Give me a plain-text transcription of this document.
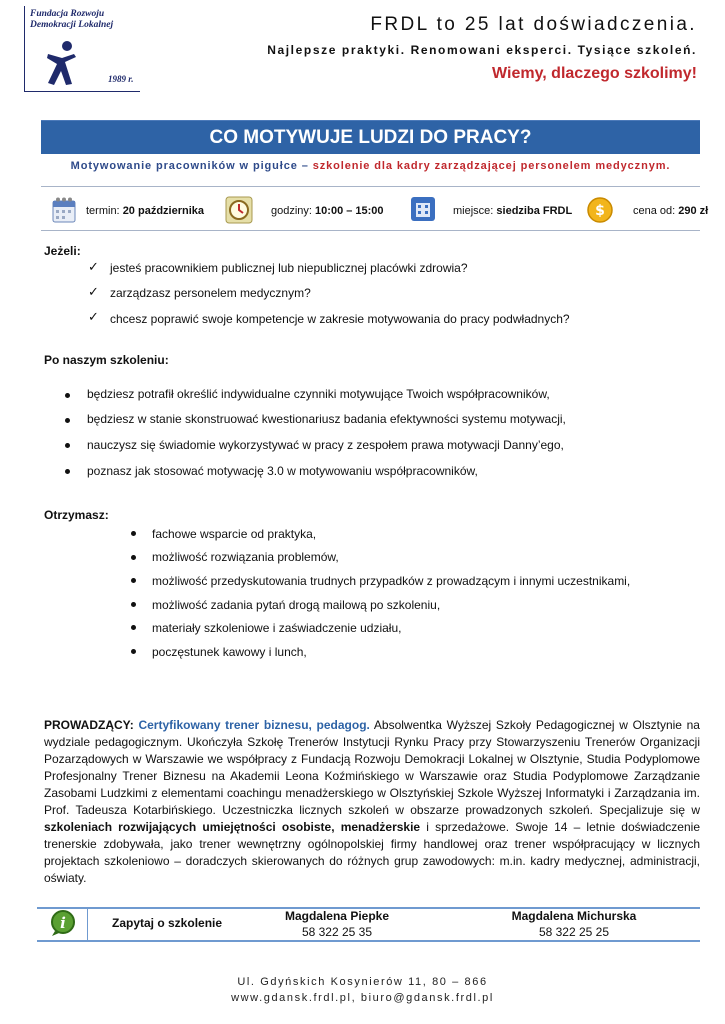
Fundacja Rozwoju
Demokracji Lokalnej
1989 r.
FRDL to 25 lat doświadczenia.
Najlepsze praktyki. Renomowani eksperci. Tysiące szkoleń.
Wiemy, dlaczego szkolimy!
CO MOTYWUJE LUDZI DO PRACY?
Motywowanie pracowników w pigułce – szkolenie dla kadry zarządzającej personelem medycznym.
termin:
20 października	godziny:
10:00 – 15:00	miejsce:
siedziba FRDL $	cena od:
290 zł
Jeżeli:
✓ jesteś pracownikiem publicznej lub niepublicznej placówki zdrowia?
✓ zarządzasz personelem medycznym?
✓ chcesz poprawić swoje kompetencje w zakresie motywowania do pracy podwładnych?
Po naszym szkoleniu:
będziesz potrafił określić indywidualne czynniki motywujące Twoich współpracowników,
będziesz w stanie skonstruować kwestionariusz badania efektywności systemu motywacji,
nauczysz się świadomie wykorzystywać w pracy z zespołem prawa motywacji Danny’ego,
poznasz jak stosować motywację 3.0 w motywowaniu współpracowników,
Otrzymasz:
fachowe wsparcie od praktyka,
możliwość rozwiązania problemów,
możliwość przedyskutowania trudnych przypadków z prowadzącym i innymi uczestnikami,
możliwość zadania pytań drogą mailową po szkoleniu,
materiały szkoleniowe i zaświadczenie udziału,
poczęstunek kawowy i lunch,
PROWADZĄCY: Certyfikowany trener biznesu, pedagog. Absolwentka Wyższej Szkoły Pedagogicznej w Olsztynie na wydziale pedagogicznym. Ukończyła Szkołę Trenerów Instytucji Rynku Pracy przy Stowarzyszeniu Trenerów Organizacji Pozarządowych w Warszawie we współpracy z Fundacją Rozwoju Demokracji Lokalnej w Olsztynie, Studia Podyplomowe Profesjonalny Trener Biznesu na Akademii Leona Koźmińskiego w Warszawie oraz Studia Podyplomowe Zarządzanie Zasobami Ludzkimi z elementami coachingu menadżerskiego w Olsztyńskiej Szkole Wyższej Informatyki i Zarządzania im. Prof. Tadeusza Kotarbińskiego. Uczestniczka licznych szkoleń w obszarze prowadzonych szkoleń. Specjalizuje się w szkoleniach rozwijających umiejętności osobiste, menadżerskie i sprzedażowe. Swoje 14 – letnie doświadczenie trenerskie zdobywała, jako trener wewnętrzny ogólnopolskiej firmy handlowej oraz trener współpracujący w licznych projektach szkoleniowo – doradczych skierowanych do różnych grup zawodowych: m.in. kadry medycznej, administracji, oświaty.
i	Zapytaj o szkolenie	Magdalena Piepke
58 322 25 35
Magdalena Michurska
58 322 25 25
Ul. Gdyńskich Kosynierów 11, 80 – 866
www.gdansk.frdl.pl, biuro@gdansk.frdl.pl
